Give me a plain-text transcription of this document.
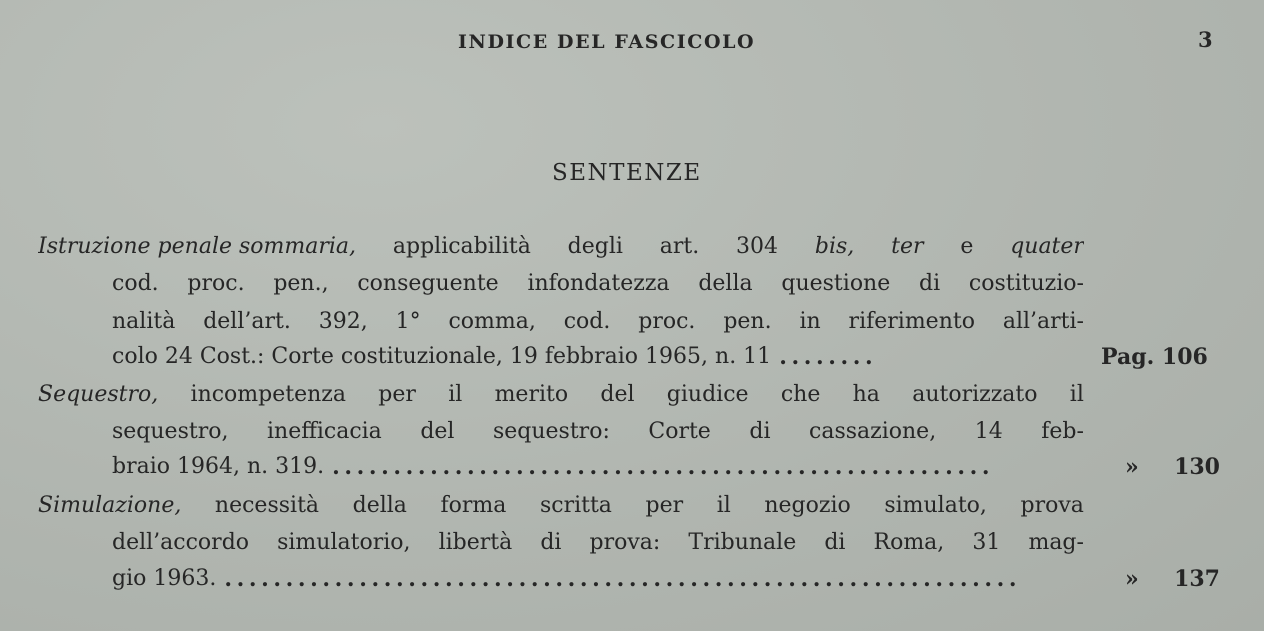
INDICE DEL FASCICOLO	3
SENTENZE
Istruzione penale sommaria, applicabilità degli art. 304 bis, ter e quater
cod. proc. pen., conseguente infondatezza della questione di costituzio-
nalità dell’art. 392, 1° comma, cod. proc. pen. in riferimento all’arti-
colo 24 Cost.: Corte costituzionale, 19 febbraio 1965, n. 11 ........	Pag. 106
Sequestro, incompetenza per il merito del giudice che ha autorizzato il
sequestro, inefficacia del sequestro: Corte di cassazione, 14 feb-
braio 1964, n. 319. ......................................................	»	130
Simulazione, necessità della forma scritta per il negozio simulato, prova
dell’accordo simulatorio, libertà di prova: Tribunale di Roma, 31 mag-
gio 1963. .................................................................	»	137
